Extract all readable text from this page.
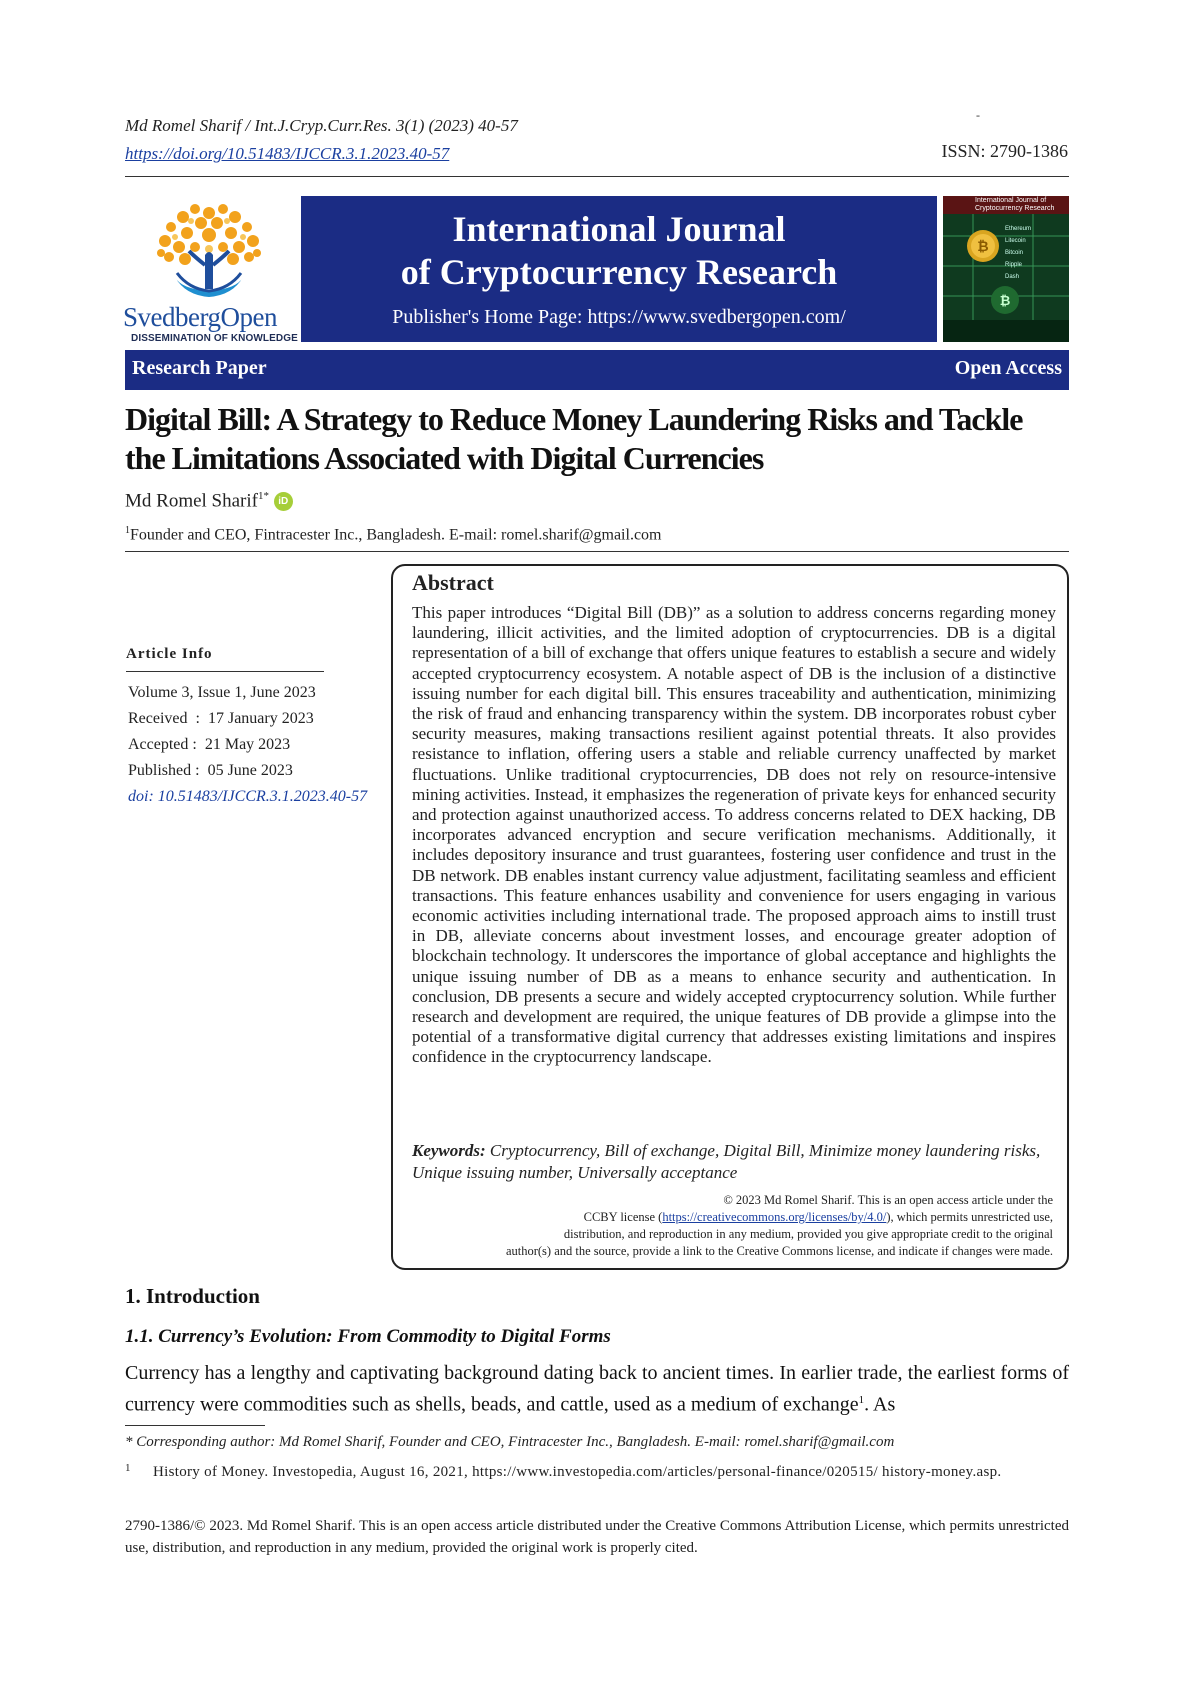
Md Romel Sharif / Int.J.Cryp.Curr.Res. 3(1) (2023) 40-57
https://doi.org/10.51483/IJCCR.3.1.2023.40-57
-
ISSN: 2790-1386
SvedbergOpen
DISSEMINATION OF KNOWLEDGE
International Journal
of Cryptocurrency Research
Publisher's Home Page: https://www.svedbergopen.com/
₿
₿
International Journal of Cryptocurrency Research
Ethereum
Litecoin
Bitcoin
Ripple
Dash
Research Paper	Open Access
Digital Bill: A Strategy to Reduce Money Laundering Risks and Tackle
the Limitations Associated with Digital Currencies
Md Romel Sharif$^{1*}$ iD
$^1$Founder and CEO, Fintracester Inc., Bangladesh. E-mail: romel.sharif@gmail.com
Article Info
Volume 3, Issue 1, June 2023
Received  :  17 January 2023
Accepted :  21 May 2023
Published :  05 June 2023
doi: 10.51483/IJCCR.3.1.2023.40-57
Abstract
This paper introduces “Digital Bill (DB)” as a solution to address concerns regarding money laundering, illicit activities, and the limited adoption of cryptocurrencies. DB is a digital representation of a bill of exchange that offers unique features to establish a secure and widely accepted cryptocurrency ecosystem. A notable aspect of DB is the inclusion of a distinctive issuing number for each digital bill. This ensures traceability and authentication, minimizing the risk of fraud and enhancing transparency within the system. DB incorporates robust cyber security measures, making transactions resilient against potential threats. It also provides resistance to inflation, offering users a stable and reliable currency unaffected by market fluctuations. Unlike traditional cryptocurrencies, DB does not rely on resource-intensive mining activities. Instead, it emphasizes the regeneration of private keys for enhanced security and protection against unauthorized access. To address concerns related to DEX hacking, DB incorporates advanced encryption and secure verification mechanisms. Additionally, it includes depository insurance and trust guarantees, fostering user confidence and trust in the DB network. DB enables instant currency value adjustment, facilitating seamless and efficient transactions. This feature enhances usability and convenience for users engaging in various economic activities including international trade. The proposed approach aims to instill trust in DB, alleviate concerns about investment losses, and encourage greater adoption of blockchain technology. It underscores the importance of global acceptance and highlights the unique issuing number of DB as a means to enhance security and authentication. In conclusion, DB presents a secure and widely accepted cryptocurrency solution. While further research and development are required, the unique features of DB provide a glimpse into the potential of a transformative digital currency that addresses existing limitations and inspires confidence in the cryptocurrency landscape.
Keywords: Cryptocurrency, Bill of exchange, Digital Bill, Minimize money laundering risks, Unique issuing number, Universally acceptance
© 2023 Md Romel Sharif. This is an open access article under the
CCBY license (https://creativecommons.org/licenses/by/4.0/), which permits unrestricted use,
distribution, and reproduction in any medium, provided you give appropriate credit to the original
author(s) and the source, provide a link to the Creative Commons license, and indicate if changes were made.
1. Introduction
1.1. Currency’s Evolution: From Commodity to Digital Forms
Currency has a lengthy and captivating background dating back to ancient times. In earlier trade, the earliest forms of currency were commodities such as shells, beads, and cattle, used as a medium of exchange$^1$. As
* Corresponding author: Md Romel Sharif, Founder and CEO, Fintracester Inc., Bangladesh. E-mail: romel.sharif@gmail.com
1 History of Money. Investopedia, August 16, 2021, https://www.investopedia.com/articles/personal-finance/020515/ history-money.asp.
2790-1386/© 2023. Md Romel Sharif. This is an open access article distributed under the Creative Commons Attribution License, which permits unrestricted use, distribution, and reproduction in any medium, provided the original work is properly cited.
